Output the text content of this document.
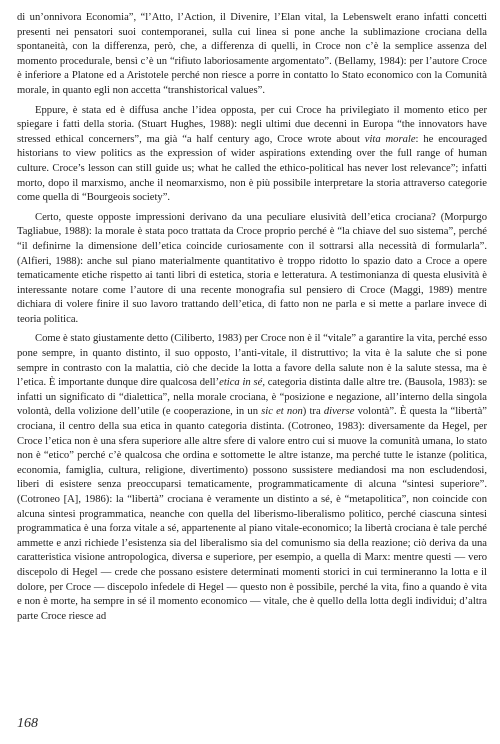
di un’onnivora Economia”, “l’Atto, l’Action, il Divenire, l’Elan vital, la Lebenswelt erano infatti concetti presenti nei pensatori suoi contemporanei, sulla cui linea si pone anche la sublimazione crociana della spontaneità, con la differenza, però, che, a differenza di quelli, in Croce non c’è la semplice assenza del momento procedurale, bensì c’è un “rifiuto laboriosamente argomentato”. (Bellamy, 1984): per l’autore Croce è inferiore a Platone ed a Aristotele perché non riesce a porre in contatto lo Stato economico con la Comunità morale, in quanto egli non accetta “transhistorical values”.

Eppure, è stata ed è diffusa anche l’idea opposta, per cui Croce ha privilegiato il momento etico per spiegare i fatti della storia. (Stuart Hughes, 1988): negli ultimi due decenni in Europa “the innovators have stressed ethical concerners”, ma già “a half century ago, Croce wrote about vita morale: he encouraged historians to view politics as the expression of wider aspirations extending over the full range of human culture. Croce’s lesson can still guide us; what he called the ethico-political has never lost relevance”; infatti morto, dopo il marxismo, anche il neomarxismo, non è più possibile interpretare la storia attraverso categorie come quella di “Bourgeois society”.

Certo, queste opposte impressioni derivano da una peculiare elusività dell’etica crociana? (Morpurgo Tagliabue, 1988): la morale è stata poco trattata da Croce proprio perché è “la chiave del suo sistema”, perché “il definirne la dimensione dell’etica coincide curiosamente con il sottrarsi alla necessità di formularla”. (Alfieri, 1988): anche sul piano materialmente quantitativo è troppo ridotto lo spazio dato a Croce a opere tematicamente etiche rispetto ai tanti libri di estetica, storia e letteratura. A testimonianza di questa elusività è interessante notare come l’autore di una recente monografia sul pensiero di Croce (Maggi, 1989) mentre dichiara di volere finire il suo lavoro trattando dell’etica, di fatto non ne parla e si mette a parlare invece di teoria politica.

Come è stato giustamente detto (Ciliberto, 1983) per Croce non è il “vitale” a garantire la vita, perché esso pone sempre, in quanto distinto, il suo opposto, l’anti-vitale, il distruttivo; la vita è la salute che si pone sempre in contrasto con la malattia, ciò che decide la lotta a favore della salute non è la salute stessa, ma è l’etica. È importante dunque dire qualcosa dell’etica in sé, categoria distinta dalle altre tre. (Bausola, 1983): se infatti un significato di “dialettica”, nella morale crociana, è “posizione e negazione, all’interno della singola volontà, della volizione dell’utile (e cooperazione, in un sic et non) tra diverse volontà”. È questa la “libertà” crociana, il centro della sua etica in quanto categoria distinta. (Cotroneo, 1983): diversamente da Hegel, per Croce l’etica non è una sfera superiore alle altre sfere di valore entro cui si muove la comunità umana, lo stato non è “etico” perché c’è qualcosa che ordina e sottomette le altre istanze, ma perché tutte le istanze (politica, economia, famiglia, cultura, religione, divertimento) possono sussistere mediandosi ma non escludendosi, liberi di esistere senza preoccuparsi tematicamente, programmaticamente di alcuna “sintesi superiore”. (Cotroneo [A], 1986): la “libertà” crociana è veramente un distinto a sé, è “metapolitica”, non coincide con alcuna sintesi programmatica, neanche con quella del liberismo-liberalismo politico, perché ciascuna sintesi programmatica è una forza vitale a sé, appartenente al piano vitale-economico; la libertà crociana è tale perché ammette e anzi richiede l’esistenza sia del liberalismo sia del comunismo sia della reazione; ciò deriva da una caratteristica visione antropologica, diversa e superiore, per esempio, a quella di Marx: mentre questi — vero discepolo di Hegel — crede che possano esistere determinati momenti storici in cui termineranno la lotta e il dolore, per Croce — discepolo infedele di Hegel — questo non è possibile, perché la vita, fino a quando è vita e non è morte, ha sempre in sé il momento economico — vitale, che è quello della lotta degli individui; d’altra parte Croce riesce ad

168
